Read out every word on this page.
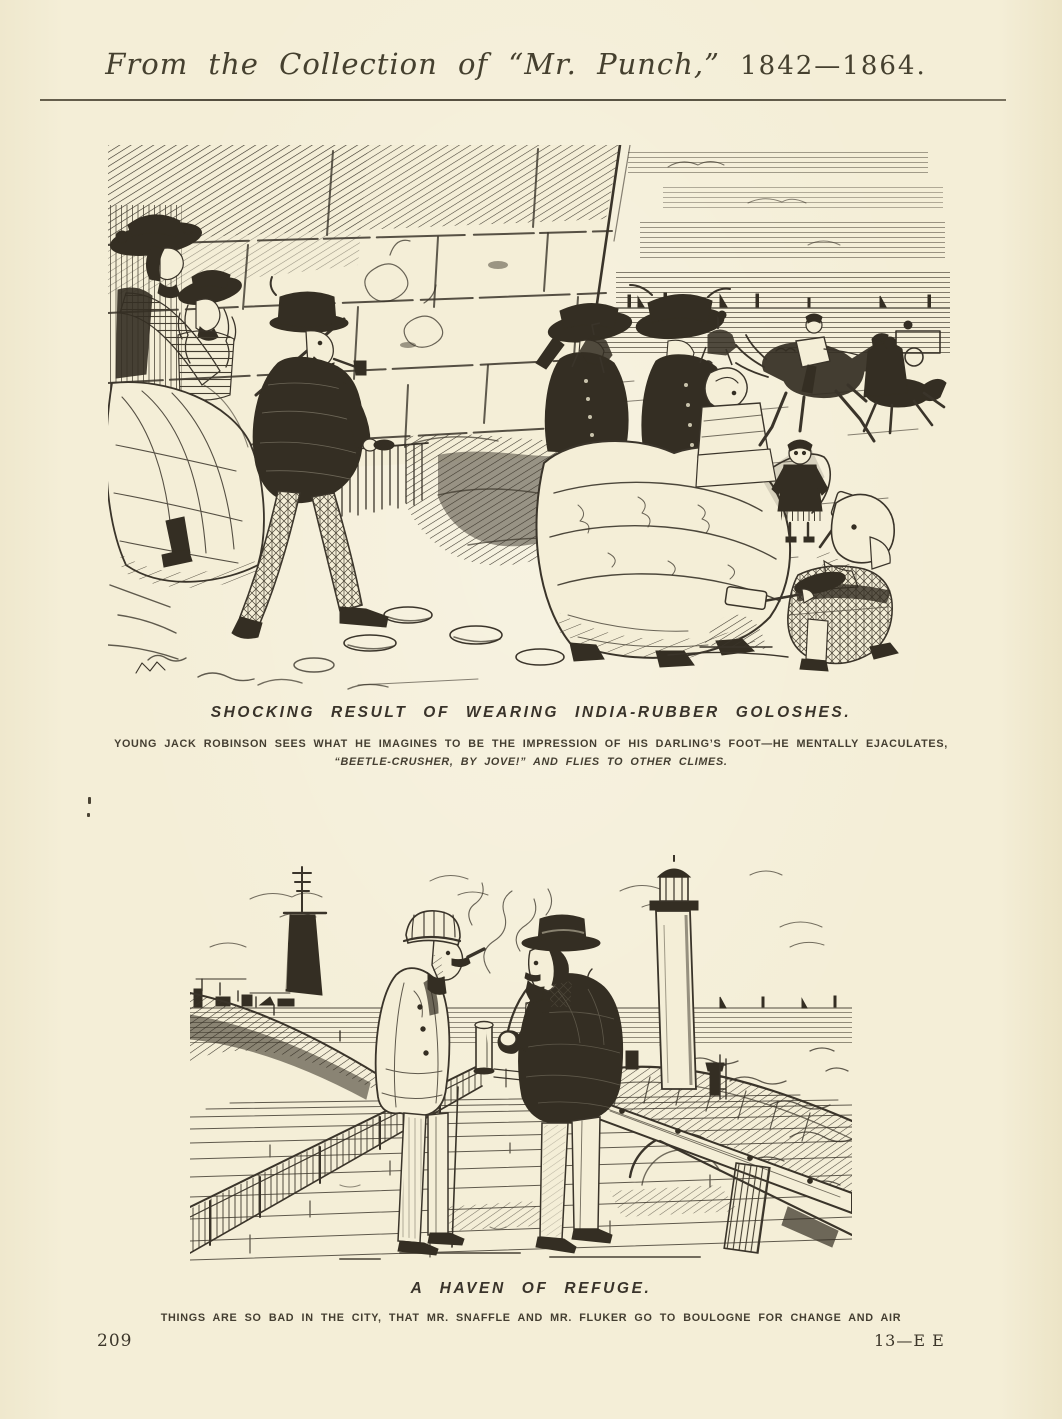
From the Collection of “Mr. Punch,” 1842—1864.
SHOCKING RESULT OF WEARING INDIA-RUBBER GOLOSHES.
YOUNG JACK ROBINSON SEES WHAT HE IMAGINES TO BE THE IMPRESSION OF HIS DARLING’S FOOT—HE MENTALLY EJACULATES,
“BEETLE-CRUSHER, BY JOVE!” AND FLIES TO OTHER CLIMES.
A HAVEN OF REFUGE.
THINGS ARE SO BAD IN THE CITY, THAT MR. SNAFFLE AND MR. FLUKER GO TO BOULOGNE FOR CHANGE AND AIR
209	13—E E
